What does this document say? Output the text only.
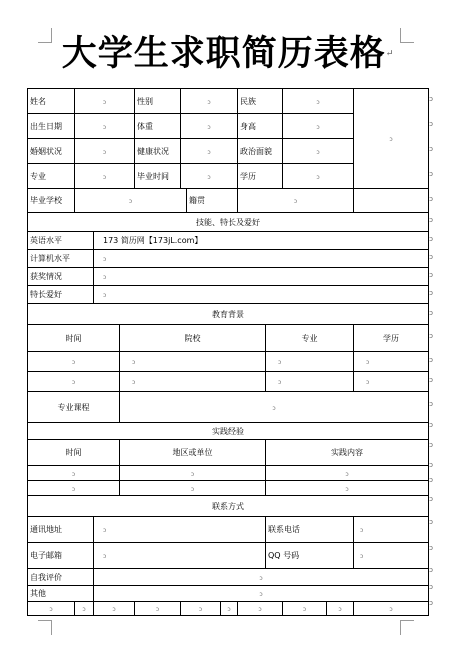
大学生求职简历表格↵
姓名	ↄ			性别	ↄ			民族		ↄ		ↄ
出生日期	ↄ			体重	ↄ			身高		ↄ		
婚姻状况	ↄ			健康状况	ↄ			政治面貌		ↄ		
专业	ↄ			毕业时间	ↄ			学历		ↄ		
毕业学校	ↄ					籍贯		ↄ				
技能、特长及爱好												
英语水平		173 简历网【173jL.com】										
计算机水平		ↄ										
获奖情况		ↄ										
特长爱好		ↄ										
教育背景												
时间			院校						专业			学历
ↄ			ↄ						ↄ			ↄ
ↄ			ↄ						ↄ			ↄ
专业课程			ↄ									
实践经验												
时间			地区或单位						实践内容			
ↄ			ↄ						ↄ			
ↄ			ↄ						ↄ			
联系方式												
通讯地址		ↄ							联系电话			ↄ
电子邮箱		ↄ							QQ 号码			ↄ
自我评价		ↄ										
其他		ↄ										
ↄ	ↄ	ↄ		ↄ	ↄ		ↄ	ↄ		ↄ	ↄ	ↄ
ↄ
ↄ
ↄ
ↄ
ↄ
ↄ
ↄ
ↄ
ↄ
ↄ
ↄ
ↄ
ↄ
ↄ
ↄ
ↄ
ↄ
ↄ
ↄ
ↄ
ↄ
ↄ
ↄ
ↄ
ↄ
